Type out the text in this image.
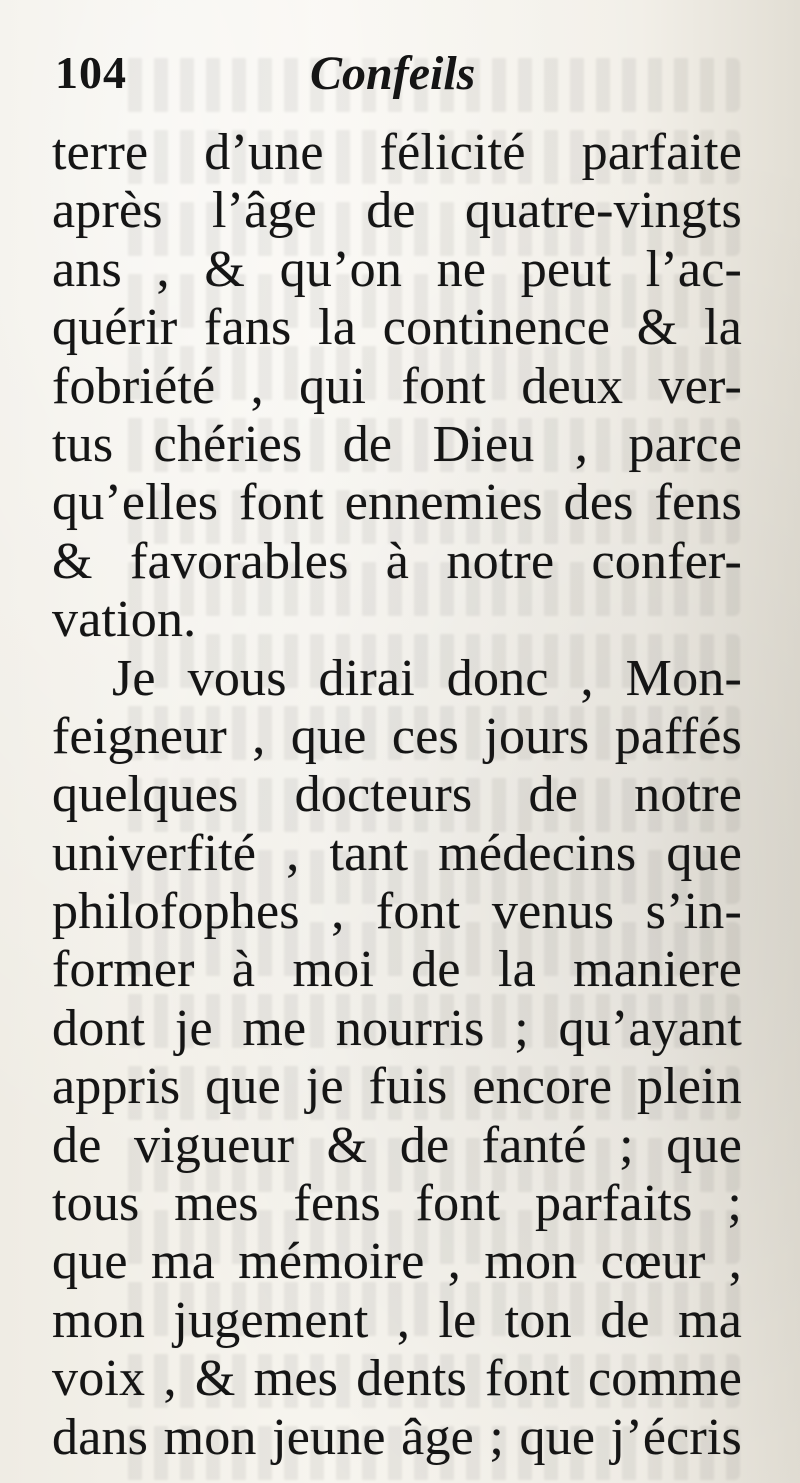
104	Confeils
terre d’une félicité parfaite
après l’âge de quatre-vingts
ans , & qu’on ne peut l’ac-
quérir fans la continence & la
fobriété , qui font deux ver-
tus chéries de Dieu , parce
qu’elles font ennemies des fens
& favorables à notre confer-
vation.
Je vous dirai donc , Mon-
feigneur , que ces jours paffés
quelques docteurs de notre
univerfité , tant médecins que
philofophes , font venus s’in-
former à moi de la maniere
dont je me nourris ; qu’ayant
appris que je fuis encore plein
de vigueur & de fanté ; que
tous mes fens font parfaits ;
que ma mémoire , mon cœur ,
mon jugement , le ton de ma
voix , & mes dents font comme
dans mon jeune âge ; que j’écris
